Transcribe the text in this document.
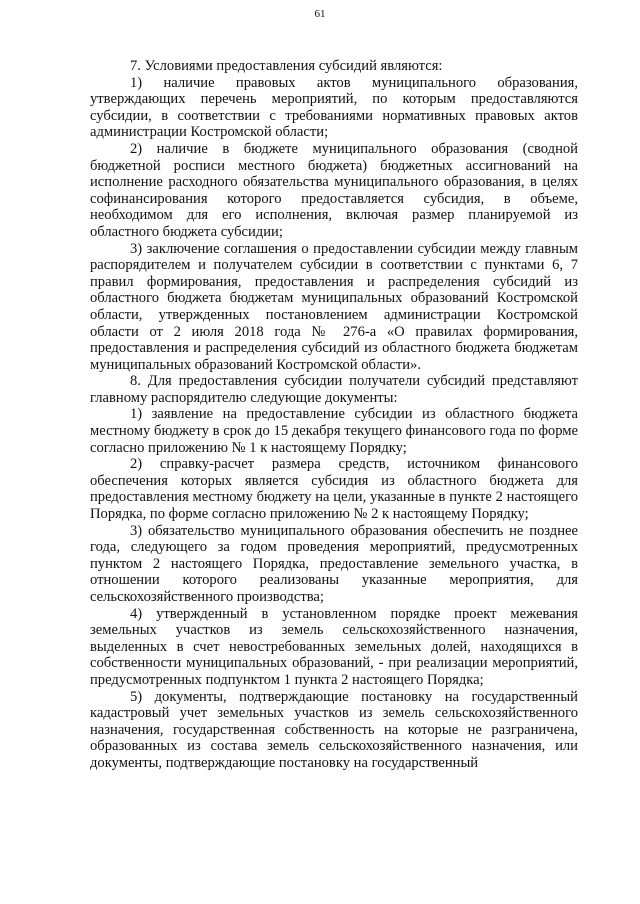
61

7. Условиями предоставления субсидий являются:

1) наличие правовых актов муниципального образования, утверждающих перечень мероприятий, по которым предоставляются субсидии, в соответствии с требованиями нормативных правовых актов администрации Костромской области;

2) наличие в бюджете муниципального образования (сводной бюджетной росписи местного бюджета) бюджетных ассигнований на исполнение расходного обязательства муниципального образования, в целях софинансирования которого предоставляется субсидия, в объеме, необходимом для его исполнения, включая размер планируемой из областного бюджета субсидии;

3) заключение соглашения о предоставлении субсидии между главным распорядителем и получателем субсидии в соответствии с пунктами 6, 7 правил формирования, предоставления и распределения субсидий из областного бюджета бюджетам муниципальных образований Костромской области, утвержденных постановлением администрации Костромской области от 2 июля 2018 года № 276-а «О правилах формирования, предоставления и распределения субсидий из областного бюджета бюджетам муниципальных образований Костромской области».

8. Для предоставления субсидии получатели субсидий представляют главному распорядителю следующие документы:

1) заявление на предоставление субсидии из областного бюджета местному бюджету в срок до 15 декабря текущего финансового года по форме согласно приложению № 1 к настоящему Порядку;

2) справку-расчет размера средств, источником финансового обеспечения которых является субсидия из областного бюджета для предоставления местному бюджету на цели, указанные в пункте 2 настоящего Порядка, по форме согласно приложению № 2 к настоящему Порядку;

3) обязательство муниципального образования обеспечить не позднее года, следующего за годом проведения мероприятий, предусмотренных пунктом 2 настоящего Порядка, предоставление земельного участка, в отношении которого реализованы указанные мероприятия, для сельскохозяйственного производства;

4) утвержденный в установленном порядке проект межевания земельных участков из земель сельскохозяйственного назначения, выделенных в счет невостребованных земельных долей, находящихся в собственности муниципальных образований, - при реализации мероприятий, предусмотренных подпунктом 1 пункта 2 настоящего Порядка;

5) документы, подтверждающие постановку на государственный кадастровый учет земельных участков из земель сельскохозяйственного назначения, государственная собственность на которые не разграничена, образованных из состава земель сельскохозяйственного назначения, или документы, подтверждающие постановку на государственный
